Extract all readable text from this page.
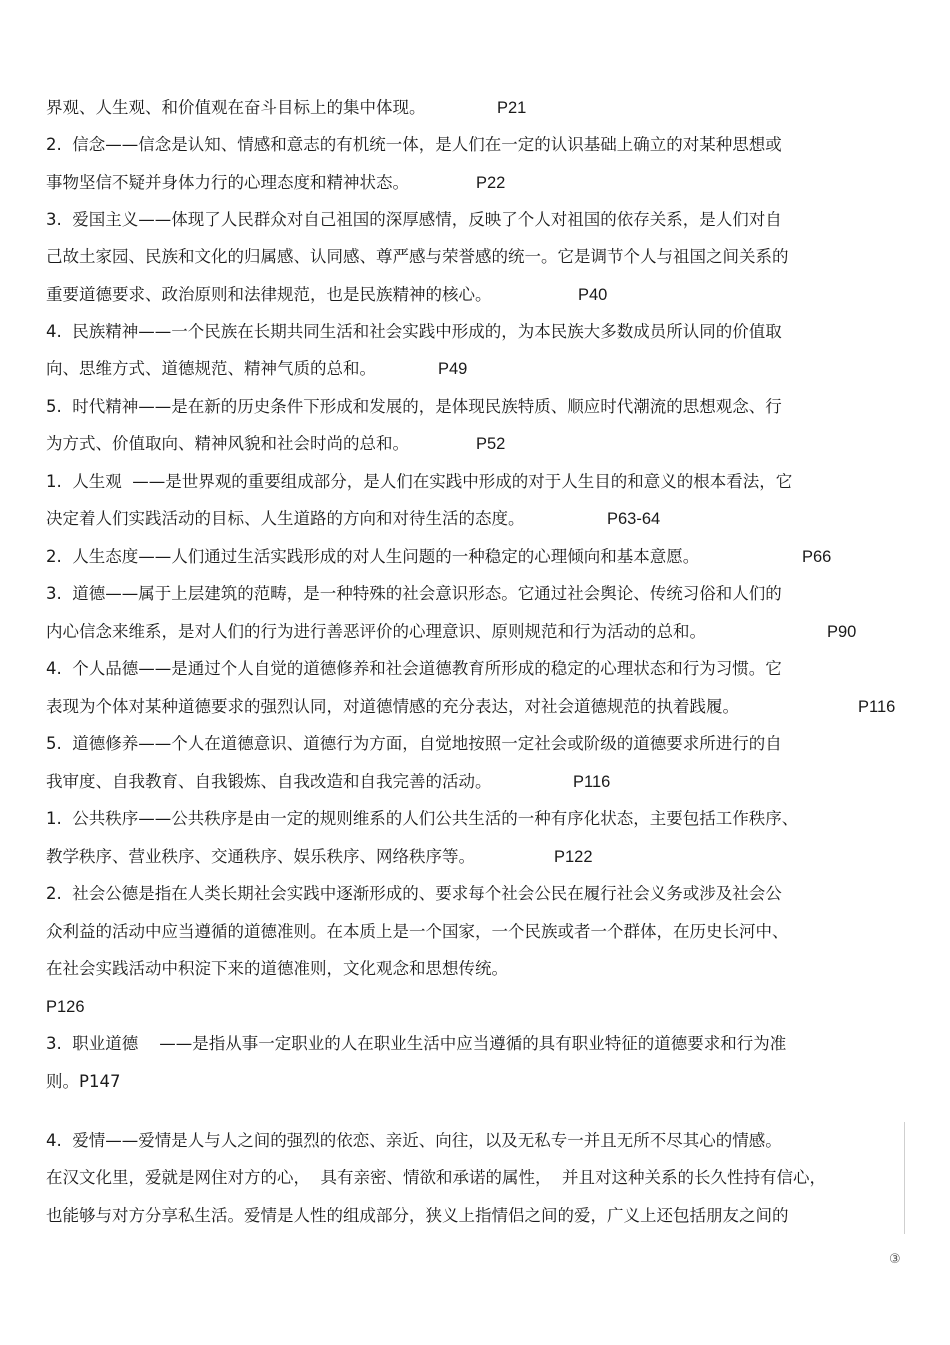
界观、人生观、和价值观在奋斗目标上的集中体现。	P21
2.  信念——信念是认知、情感和意志的有机统一体，是人们在一定的认识基础上确立的对某种思想或
事物坚信不疑并身体力行的心理态度和精神状态。	P22
3.  爱国主义——体现了人民群众对自己祖国的深厚感情，反映了个人对祖国的依存关系，是人们对自
己故土家园、民族和文化的归属感、认同感、尊严感与荣誉感的统一。它是调节个人与祖国之间关系的
重要道德要求、政治原则和法律规范，也是民族精神的核心。	P40
4.  民族精神——一个民族在长期共同生活和社会实践中形成的，为本民族大多数成员所认同的价值取
向、思维方式、道德规范、精神气质的总和。	P49
5.  时代精神——是在新的历史条件下形成和发展的，是体现民族特质、顺应时代潮流的思想观念、行
为方式、价值取向、精神风貌和社会时尚的总和。	P52
1.  人生观  ——是世界观的重要组成部分，是人们在实践中形成的对于人生目的和意义的根本看法，它
决定着人们实践活动的目标、人生道路的方向和对待生活的态度。	P63-64
2.  人生态度——人们通过生活实践形成的对人生问题的一种稳定的心理倾向和基本意愿。	P66
3.  道德——属于上层建筑的范畴，是一种特殊的社会意识形态。它通过社会舆论、传统习俗和人们的
内心信念来维系，是对人们的行为进行善恶评价的心理意识、原则规范和行为活动的总和。	P90
4.  个人品德——是通过个人自觉的道德修养和社会道德教育所形成的稳定的心理状态和行为习惯。它
表现为个体对某种道德要求的强烈认同，对道德情感的充分表达，对社会道德规范的执着践履。	P116
5.  道德修养——个人在道德意识、道德行为方面，自觉地按照一定社会或阶级的道德要求所进行的自
我审度、自我教育、自我锻炼、自我改造和自我完善的活动。	P116
1.  公共秩序——公共秩序是由一定的规则维系的人们公共生活的一种有序化状态，主要包括工作秩序、
教学秩序、营业秩序、交通秩序、娱乐秩序、网络秩序等。	P122
2.  社会公德是指在人类长期社会实践中逐渐形成的、要求每个社会公民在履行社会义务或涉及社会公
众利益的活动中应当遵循的道德准则。在本质上是一个国家，一个民族或者一个群体，在历史长河中、
在社会实践活动中积淀下来的道德准则，文化观念和思想传统。
P126
3.  职业道德    ——是指从事一定职业的人在职业生活中应当遵循的具有职业特征的道德要求和行为准
则。P147
4.  爱情——爱情是人与人之间的强烈的依恋、亲近、向往，以及无私专一并且无所不尽其心的情感。
在汉文化里，爱就是网住对方的心，  具有亲密、情欲和承诺的属性，  并且对这种关系的长久性持有信心，
也能够与对方分享私生活。爱情是人性的组成部分，狭义上指情侣之间的爱，广义上还包括朋友之间的
③
